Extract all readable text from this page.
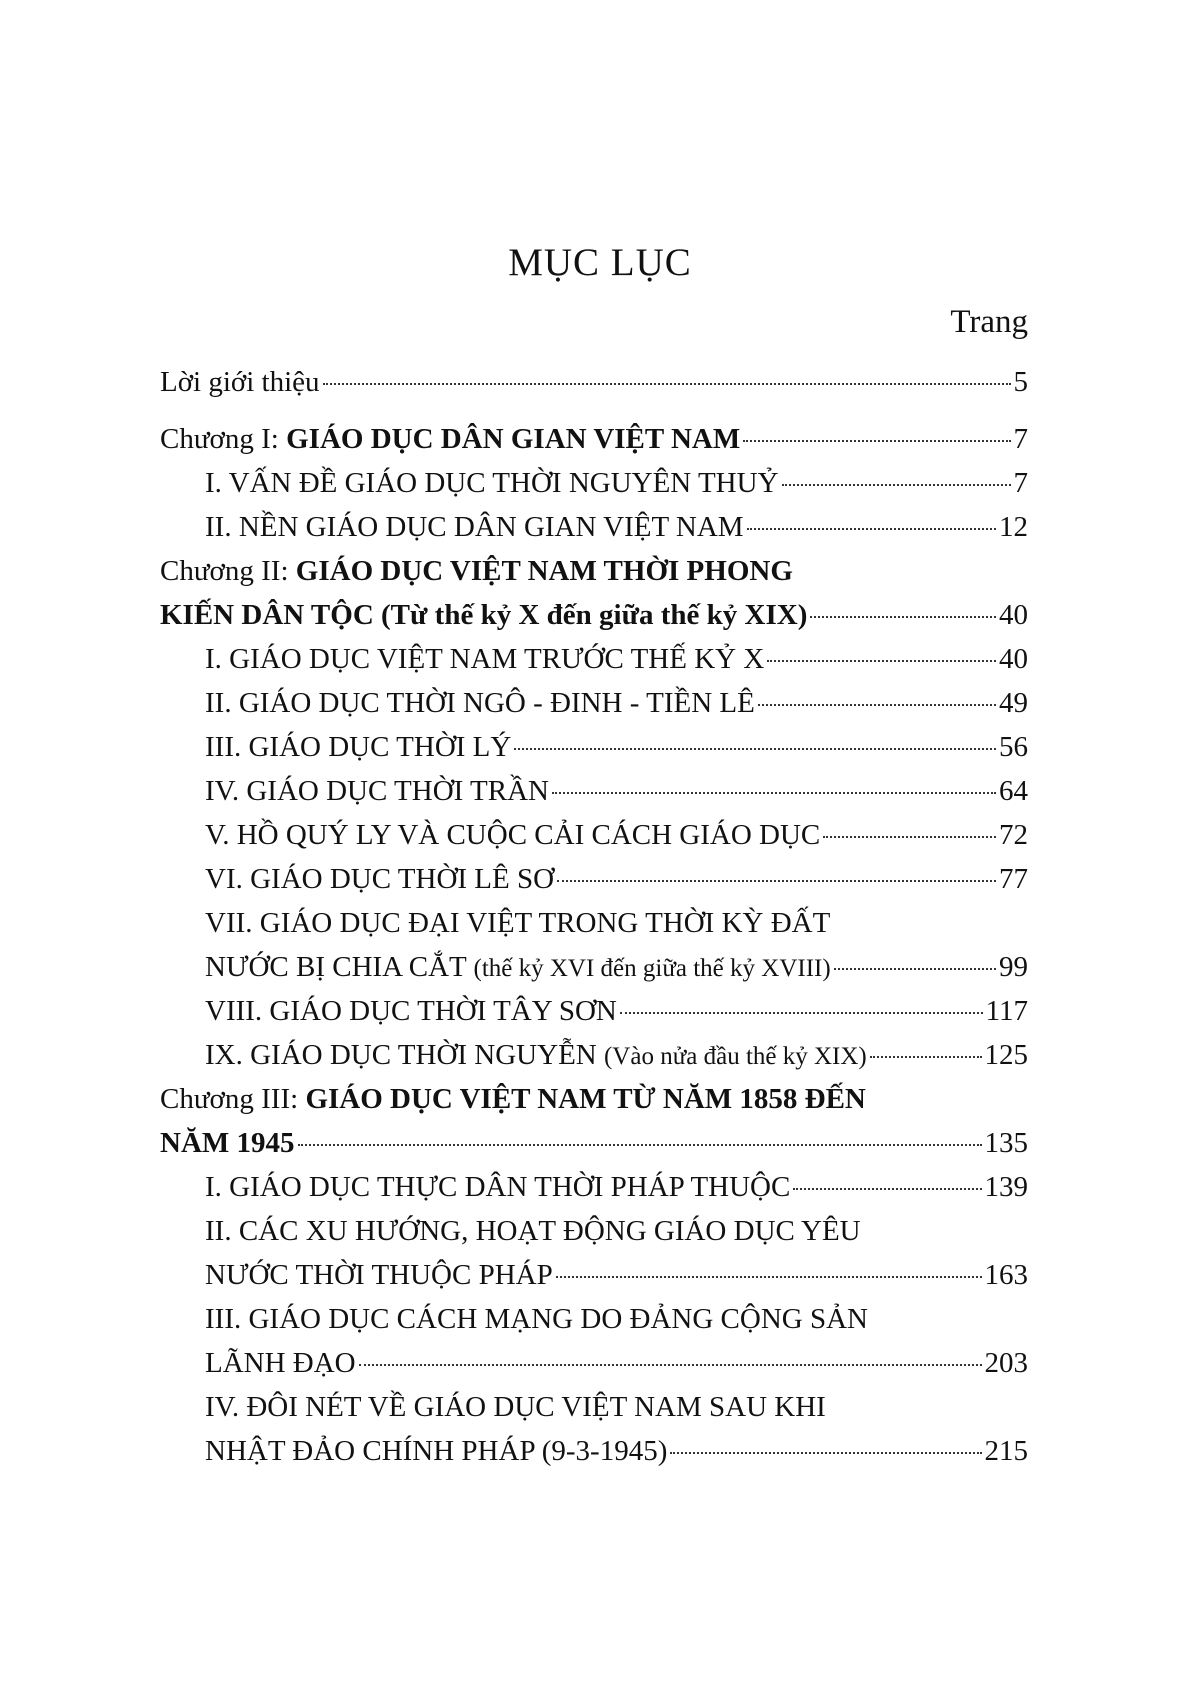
MỤC LỤC
Trang
Lời giới thiệu	5
Chương I: GIÁO DỤC DÂN GIAN VIỆT NAM	7
I. VẤN ĐỀ GIÁO DỤC THỜI NGUYÊN THUỶ	7
II. NỀN GIÁO DỤC DÂN GIAN VIỆT NAM	12
Chương II: GIÁO DỤC VIỆT NAM THỜI PHONG
KIẾN DÂN TỘC (Từ thế kỷ X đến giữa thế kỷ XIX)	40
I. GIÁO DỤC VIỆT NAM TRƯỚC THẾ KỶ X	40
II. GIÁO DỤC THỜI NGÔ - ĐINH - TIỀN LÊ	49
III. GIÁO DỤC THỜI LÝ	56
IV. GIÁO DỤC THỜI TRẦN	64
V. HỒ QUÝ LY VÀ CUỘC CẢI CÁCH GIÁO DỤC	72
VI. GIÁO DỤC THỜI LÊ SƠ	77
VII. GIÁO DỤC ĐẠI VIỆT TRONG THỜI KỲ ĐẤT
NƯỚC BỊ CHIA CẮT (thế kỷ XVI đến giữa thế kỷ XVIII)	99
VIII. GIÁO DỤC THỜI TÂY SƠN	117
IX. GIÁO DỤC THỜI NGUYỄN (Vào nửa đầu thế kỷ XIX)	125
Chương III: GIÁO DỤC VIỆT NAM TỪ NĂM 1858 ĐẾN
NĂM 1945	135
I. GIÁO DỤC THỰC DÂN THỜI PHÁP THUỘC	139
II. CÁC XU HƯỚNG, HOẠT ĐỘNG GIÁO DỤC YÊU
NƯỚC THỜI THUỘC PHÁP	163
III. GIÁO DỤC CÁCH MẠNG DO ĐẢNG CỘNG SẢN
LÃNH ĐẠO	203
IV. ĐÔI NÉT VỀ GIÁO DỤC VIỆT NAM SAU KHI
NHẬT ĐẢO CHÍNH PHÁP (9-3-1945)	215
